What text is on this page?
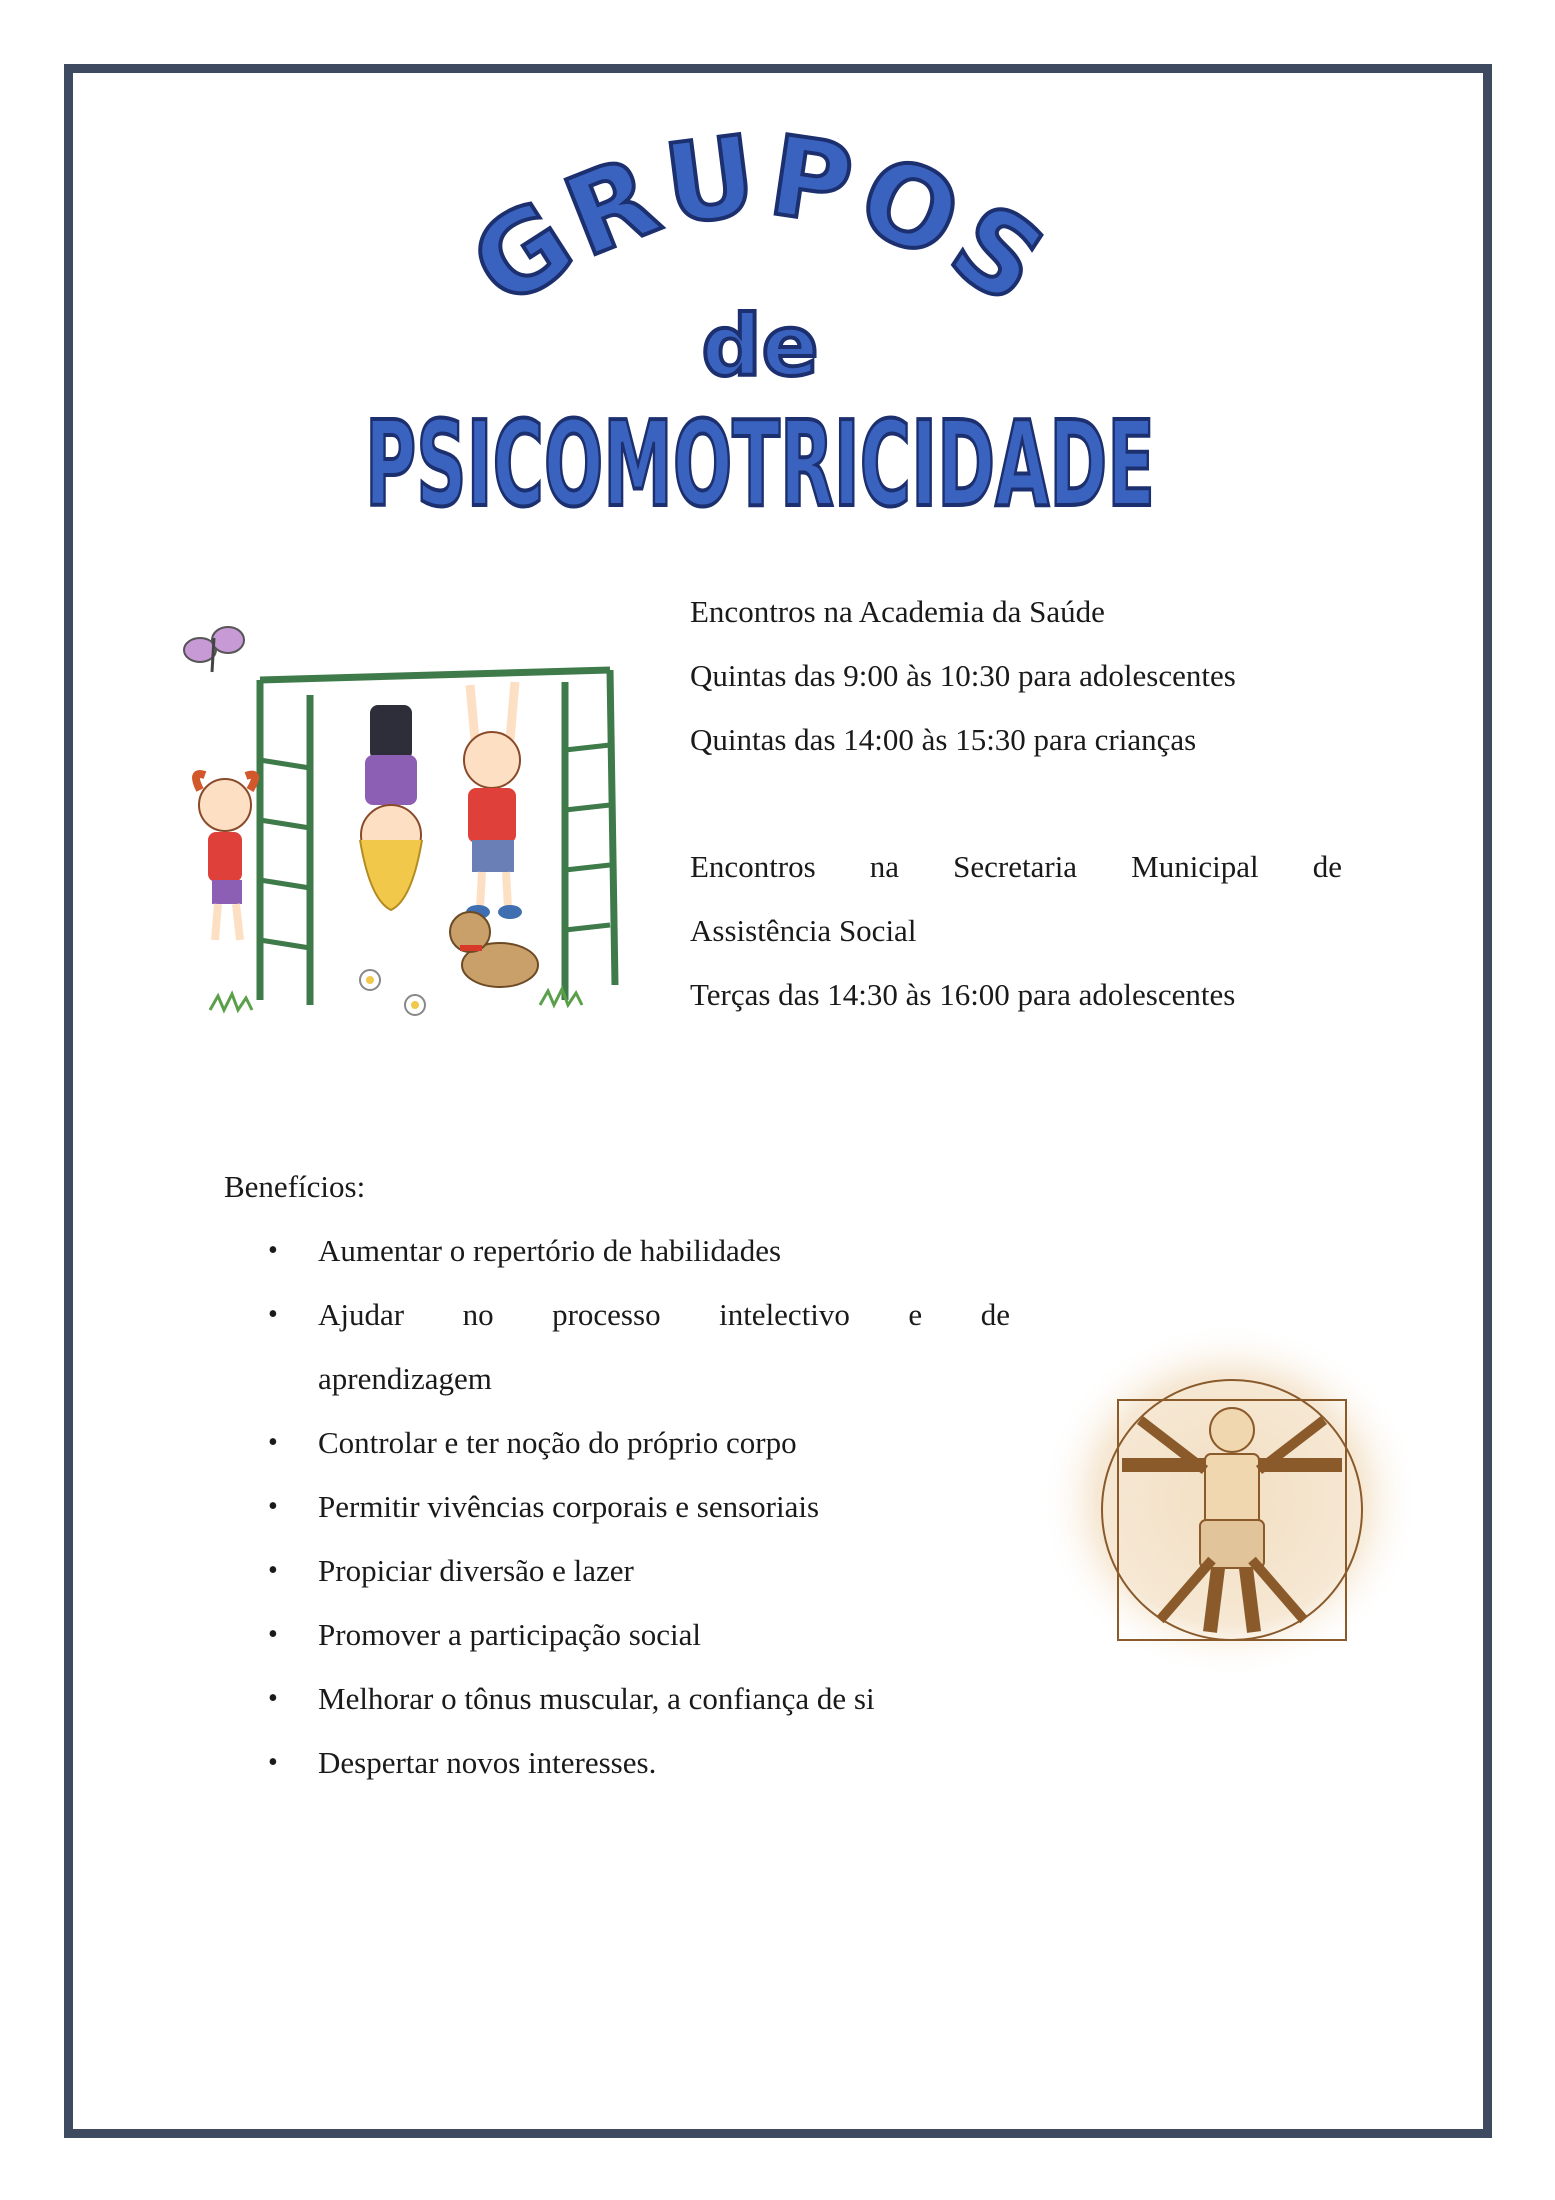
GRUPOS
de
PSICOMOTRICIDADE
Encontros na Academia da Saúde
Quintas das 9:00 às 10:30 para adolescentes
Quintas das 14:00 às 15:30 para crianças
Encontros na Secretaria Municipal de
Assistência Social
Terças das 14:30 às 16:00 para adolescentes
Benefícios:
• Aumentar o repertório de habilidades
• Ajudar no processo intelectivo e de
aprendizagem
• Controlar e ter noção do próprio corpo
• Permitir vivências corporais e sensoriais
• Propiciar diversão e lazer
• Promover a participação social
• Melhorar o tônus muscular, a confiança de si
• Despertar novos interesses.
